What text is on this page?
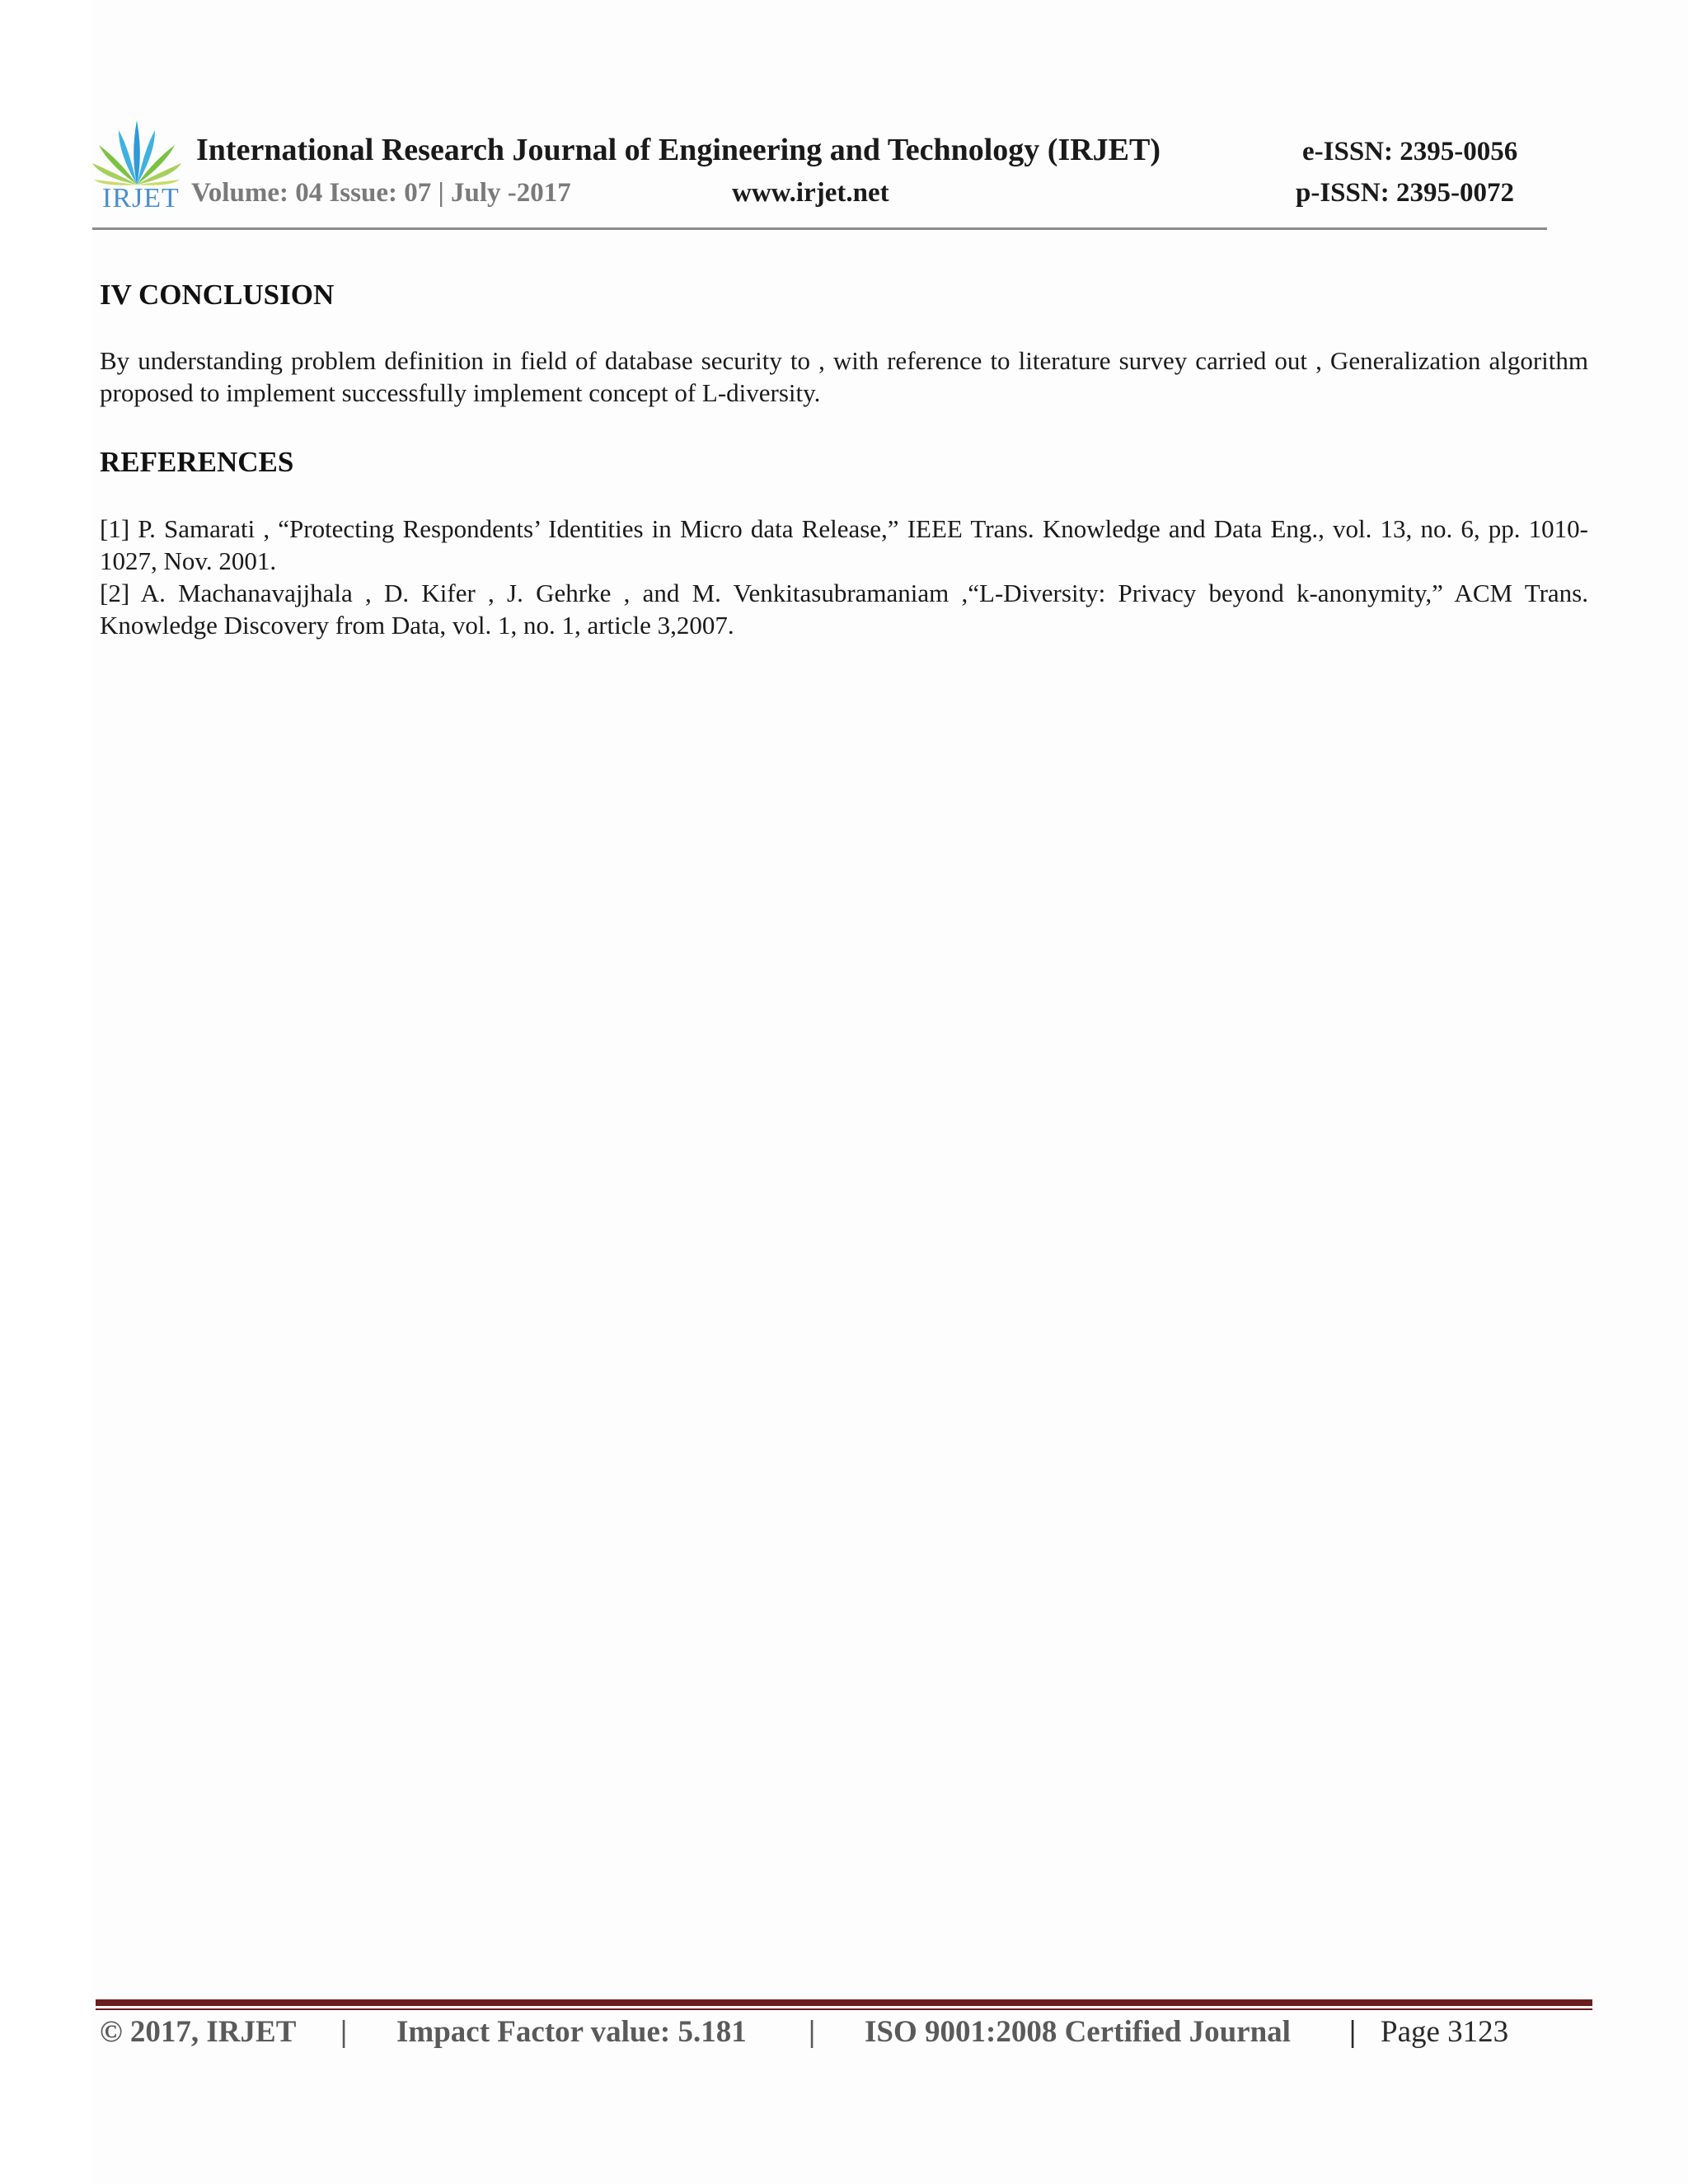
IRJET
International Research Journal of Engineering and Technology (IRJET)	e-ISSN: 2395-0056
Volume: 04 Issue: 07 | July -2017	www.irjet.net	p-ISSN: 2395-0072
IV CONCLUSION
By understanding problem definition in field of database security to , with reference to literature survey carried out , Generalization algorithm proposed to implement successfully implement concept of L-diversity.
REFERENCES
[1] P. Samarati , “Protecting Respondents’ Identities in Micro data Release,” IEEE Trans. Knowledge and Data Eng., vol. 13, no. 6, pp. 1010-1027, Nov. 2001.
[2] A. Machanavajjhala , D. Kifer , J. Gehrke , and M. Venkitasubramaniam ,“L-Diversity: Privacy beyond k-anonymity,” ACM Trans. Knowledge Discovery from Data, vol. 1, no. 1, article 3,2007.
© 2017, IRJET | Impact Factor value: 5.181 | ISO 9001:2008 Certified Journal | Page 3123
